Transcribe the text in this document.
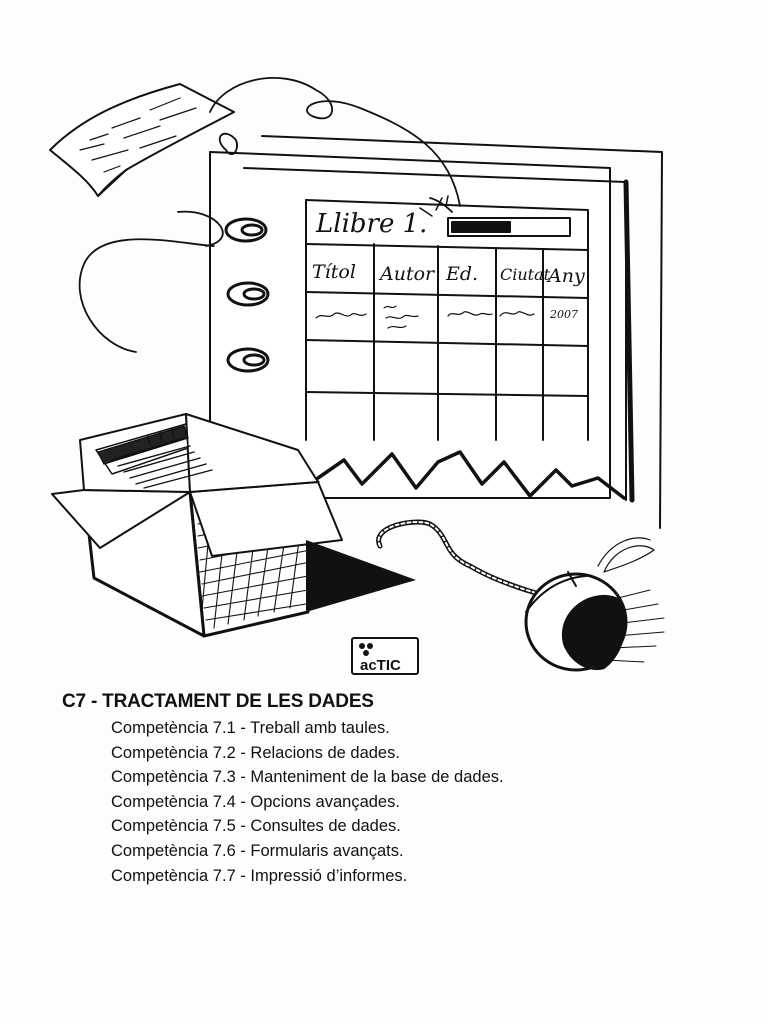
Llibre 1.
Títol Autor Ed. Ciutat
Any
2007
acTIC
C7 - TRACTAMENT DE LES DADES
Competència 7.1 - Treball amb taules.
Competència 7.2 - Relacions de dades.
Competència 7.3 - Manteniment de la base de dades.
Competència 7.4 - Opcions avançades.
Competència 7.5 - Consultes de dades.
Competència 7.6 - Formularis avançats.
Competència 7.7 - Impressió d’informes.
